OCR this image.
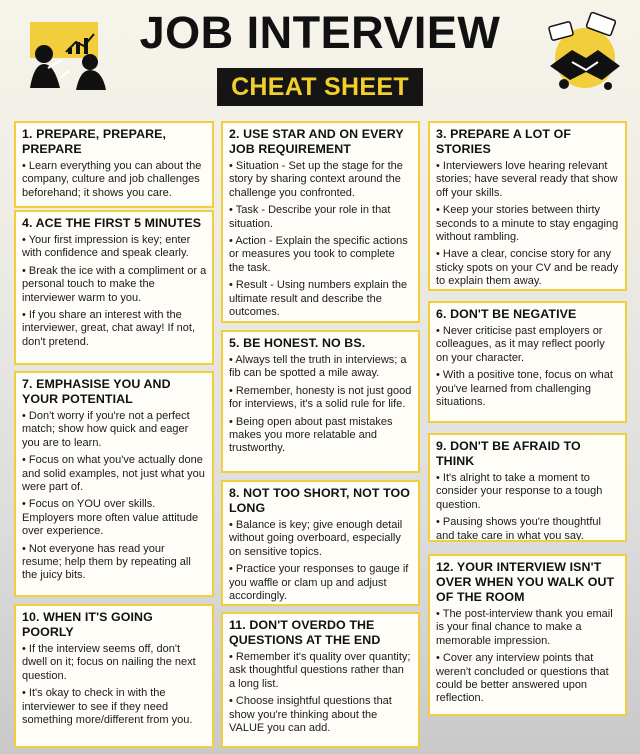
JOB INTERVIEW
CHEAT SHEET
1. PREPARE, PREPARE, PREPARE

• Learn everything you can about the company, culture and job challenges beforehand; it shows you care.

4. ACE THE FIRST 5 MINUTES

• Your first impression is key; enter with confidence and speak clearly.

• Break the ice with a compliment or a personal touch to make the interviewer warm to you.

• If you share an interest with the interviewer, great, chat away! If not, don't pretend.

7. EMPHASISE YOU AND YOUR POTENTIAL

• Don't worry if you're not a perfect match; show how quick and eager you are to learn.

• Focus on what you've actually done and solid examples, not just what you were part of.

• Focus on YOU over skills. Employers more often value attitude over experience.

• Not everyone has read your resume; help them by repeating all the juicy bits.

10. WHEN IT'S GOING POORLY

• If the interview seems off, don't dwell on it; focus on nailing the next question.

• It's okay to check in with the interviewer to see if they need something more/different from you.

2. USE STAR AND ON EVERY JOB REQUIREMENT

• Situation - Set up the stage for the story by sharing context around the challenge you confronted.

• Task - Describe your role in that situation.

• Action - Explain the specific actions or measures you took to complete the task.

• Result - Using numbers explain the ultimate result and describe the outcomes.

5. BE HONEST. NO BS.

• Always tell the truth in interviews; a fib can be spotted a mile away.

• Remember, honesty is not just good for interviews, it's a solid rule for life.

• Being open about past mistakes makes you more relatable and trustworthy.

8. NOT TOO SHORT, NOT TOO LONG

• Balance is key; give enough detail without going overboard, especially on sensitive topics.

• Practice your responses to gauge if you waffle or clam up and adjust accordingly.

11. DON'T OVERDO THE QUESTIONS AT THE END

• Remember it's quality over quantity; ask thoughtful questions rather than a long list.

• Choose insightful questions that show you're thinking about the VALUE you can add.

3. PREPARE A LOT OF STORIES

• Interviewers love hearing relevant stories; have several ready that show off your skills.

• Keep your stories between thirty seconds to a minute to stay engaging without rambling.

• Have a clear, concise story for any sticky spots on your CV and be ready to explain them away.

6. DON'T BE NEGATIVE

• Never criticise past employers or colleagues, as it may reflect poorly on your character.

• With a positive tone, focus on what you've learned from challenging situations.

9. DON'T BE AFRAID TO THINK

• It's alright to take a moment to consider your response to a tough question.

• Pausing shows you're thoughtful and take care in what you say.

12. YOUR INTERVIEW ISN'T OVER WHEN YOU WALK OUT OF THE ROOM

• The post-interview thank you email is your final chance to make a memorable impression.

• Cover any interview points that weren't concluded or questions that could be better answered upon reflection.
